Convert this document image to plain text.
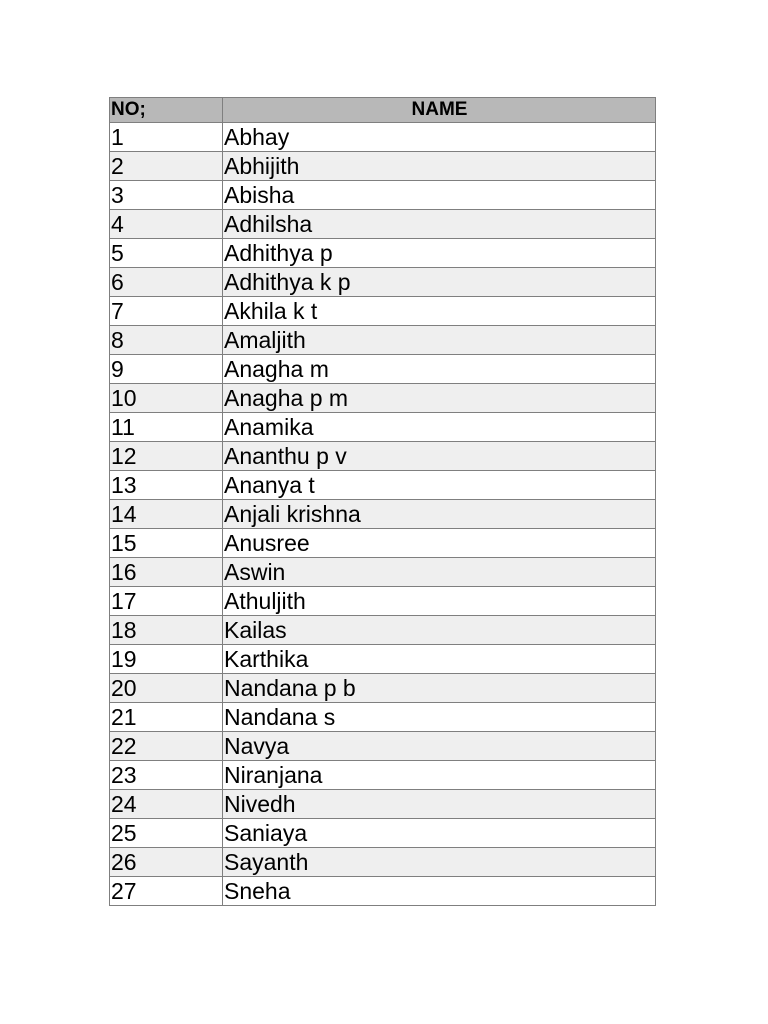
NO;	NAME
1	Abhay
2	Abhijith
3	Abisha
4	Adhilsha
5	Adhithya p
6	Adhithya k p
7	Akhila k t
8	Amaljith
9	Anagha m
10	Anagha p m
11	Anamika
12	Ananthu p v
13	Ananya t
14	Anjali krishna
15	Anusree
16	Aswin
17	Athuljith
18	Kailas
19	Karthika
20	Nandana p b
21	Nandana s
22	Navya
23	Niranjana
24	Nivedh
25	Saniaya
26	Sayanth
27	Sneha
